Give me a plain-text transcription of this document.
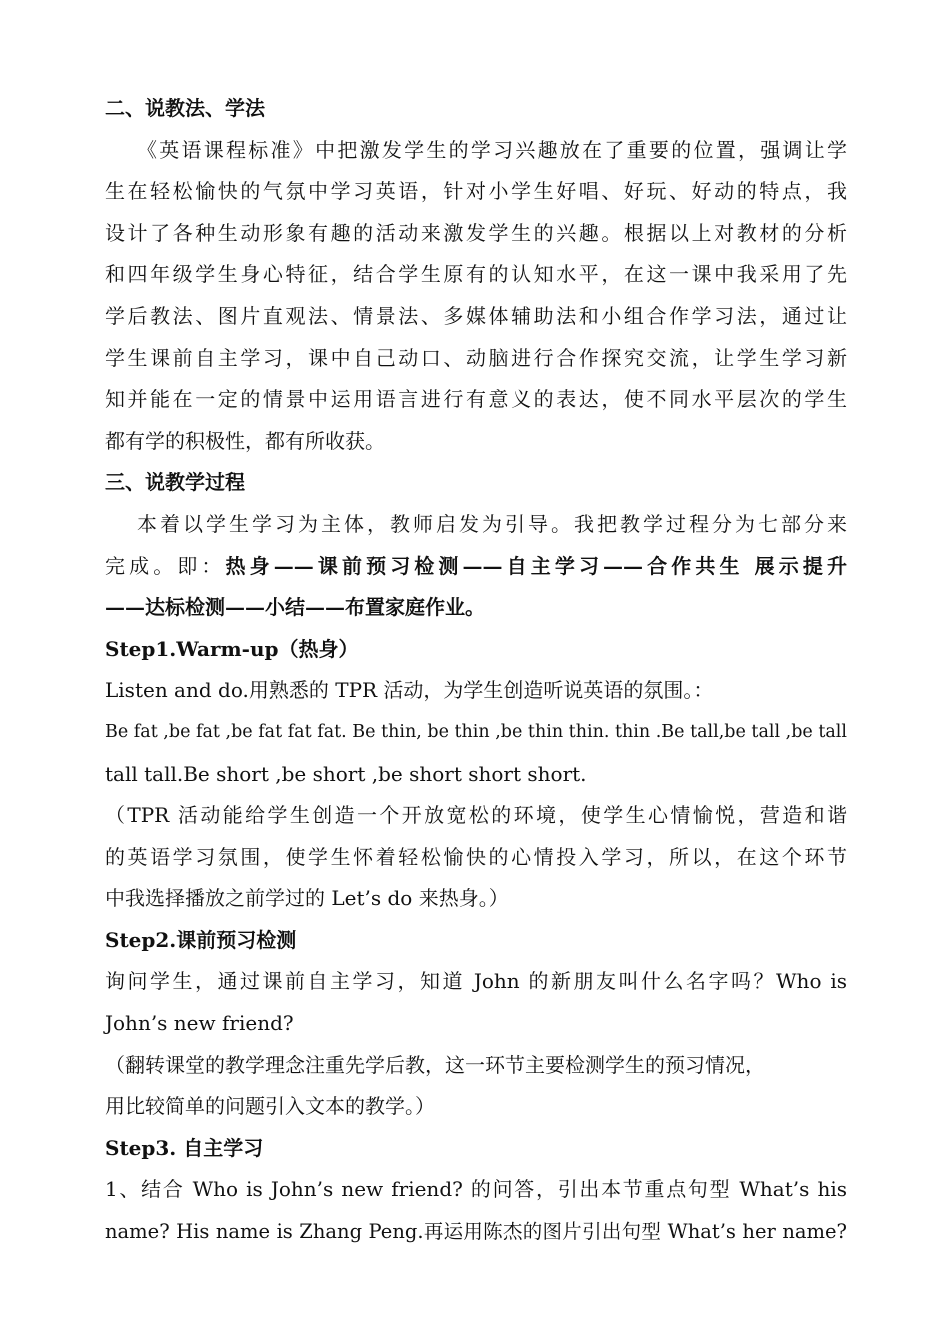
二、说教法、学法
《英语课程标准》中把激发学生的学习兴趣放在了重要的位置，强调让学
生在轻松愉快的气氛中学习英语，针对小学生好唱、好玩、好动的特点，我
设计了各种生动形象有趣的活动来激发学生的兴趣。根据以上对教材的分析
和四年级学生身心特征，结合学生原有的认知水平，在这一课中我采用了先
学后教法、图片直观法、情景法、多媒体辅助法和小组合作学习法，通过让
学生课前自主学习，课中自己动口、动脑进行合作探究交流，让学生学习新
知并能在一定的情景中运用语言进行有意义的表达，使不同水平层次的学生
都有学的积极性，都有所收获。
三、说教学过程
本着以学生学习为主体，教师启发为引导。我把教学过程分为七部分来
完成。即：热身——课前预习检测——自主学习——合作共生 展示提升
——达标检测——小结——布置家庭作业。
Step1.Warm-up（热身）
Listen and do.用熟悉的 TPR 活动，为学生创造听说英语的氛围。：
Be fat ,be fat ,be fat fat fat. Be thin, be thin ,be thin thin. thin .Be tall,be tall ,be tall
tall tall.Be short ,be short ,be short short short.
（TPR 活动能给学生创造一个开放宽松的环境，使学生心情愉悦，营造和谐
的英语学习氛围，使学生怀着轻松愉快的心情投入学习，所以，在这个环节
中我选择播放之前学过的 Let’s do 来热身。）
Step2.课前预习检测
询问学生，通过课前自主学习，知道 John 的新朋友叫什么名字吗？Who is
John’s new friend?
（翻转课堂的教学理念注重先学后教，这一环节主要检测学生的预习情况，
用比较简单的问题引入文本的教学。）
Step3. 自主学习
1、结合 Who is John’s new friend? 的问答，引出本节重点句型 What’s his
name? His name is Zhang Peng.再运用陈杰的图片引出句型 What’s her name?
